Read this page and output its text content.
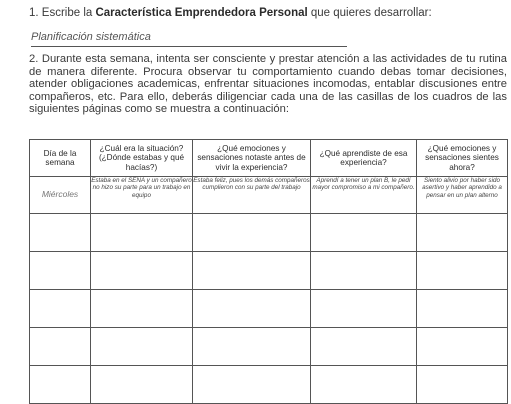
1. Escribe la Característica Emprendedora Personal que quieres desarrollar:
Planificación sistemática
2. Durante esta semana, intenta ser consciente y prestar atención a las actividades de tu rutina de manera diferente. Procura observar tu comportamiento cuando debas tomar decisiones, atender obligaciones academicas, enfrentar situaciones incomodas, entablar discusiones entre compañeros, etc. Para ello, deberás diligenciar cada una de las casillas de los cuadros de las siguientes páginas como se muestra a continuación:
Día de la semana	¿Cuál era la situación? (¿Dónde estabas y qué hacías?)	¿Qué emociones y sensaciones notaste antes de vivir la experiencia?	¿Qué aprendiste de esa experiencia?	¿Qué emociones y sensaciones sientes ahora?
Miércoles	Estaba en el SENA y un compañero no hizo su parte para un trabajo en equipo	Estaba feliz, pues los demás compañeros cumplieron con su parte del trabajo	Aprendí a tener un plan B, le pedí mayor compromiso a mi compañero.	Siento alivio por haber sido asertivo y haber aprendido a pensar en un plan alterno
